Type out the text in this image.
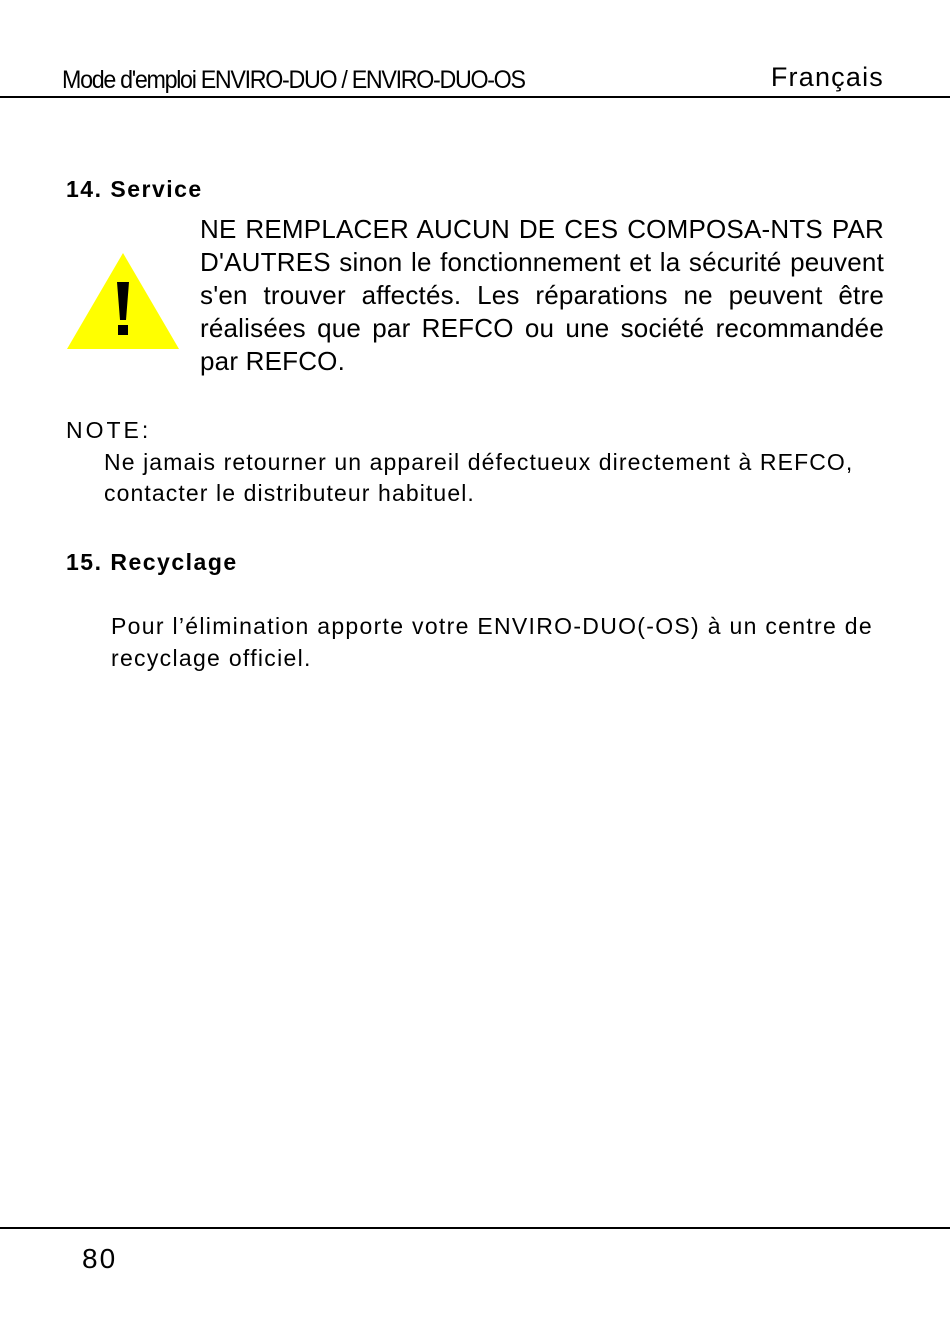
Mode d'emploi ENVIRO-DUO / ENVIRO-DUO-OS	Français
14. Service
NE REMPLACER AUCUN DE CES COMPOSA-NTS PAR D'AUTRES sinon le fonctionnement et la sécurité peuvent s'en trouver affectés. Les réparations ne peuvent être réalisées que par REFCO ou une société recommandée par REFCO.
NOTE:
Ne jamais retourner un appareil défectueux directement à REFCO, contacter le distributeur habituel.
15. Recyclage
Pour l’élimination apporte votre ENVIRO-DUO(-OS) à un centre de recyclage officiel.
80
